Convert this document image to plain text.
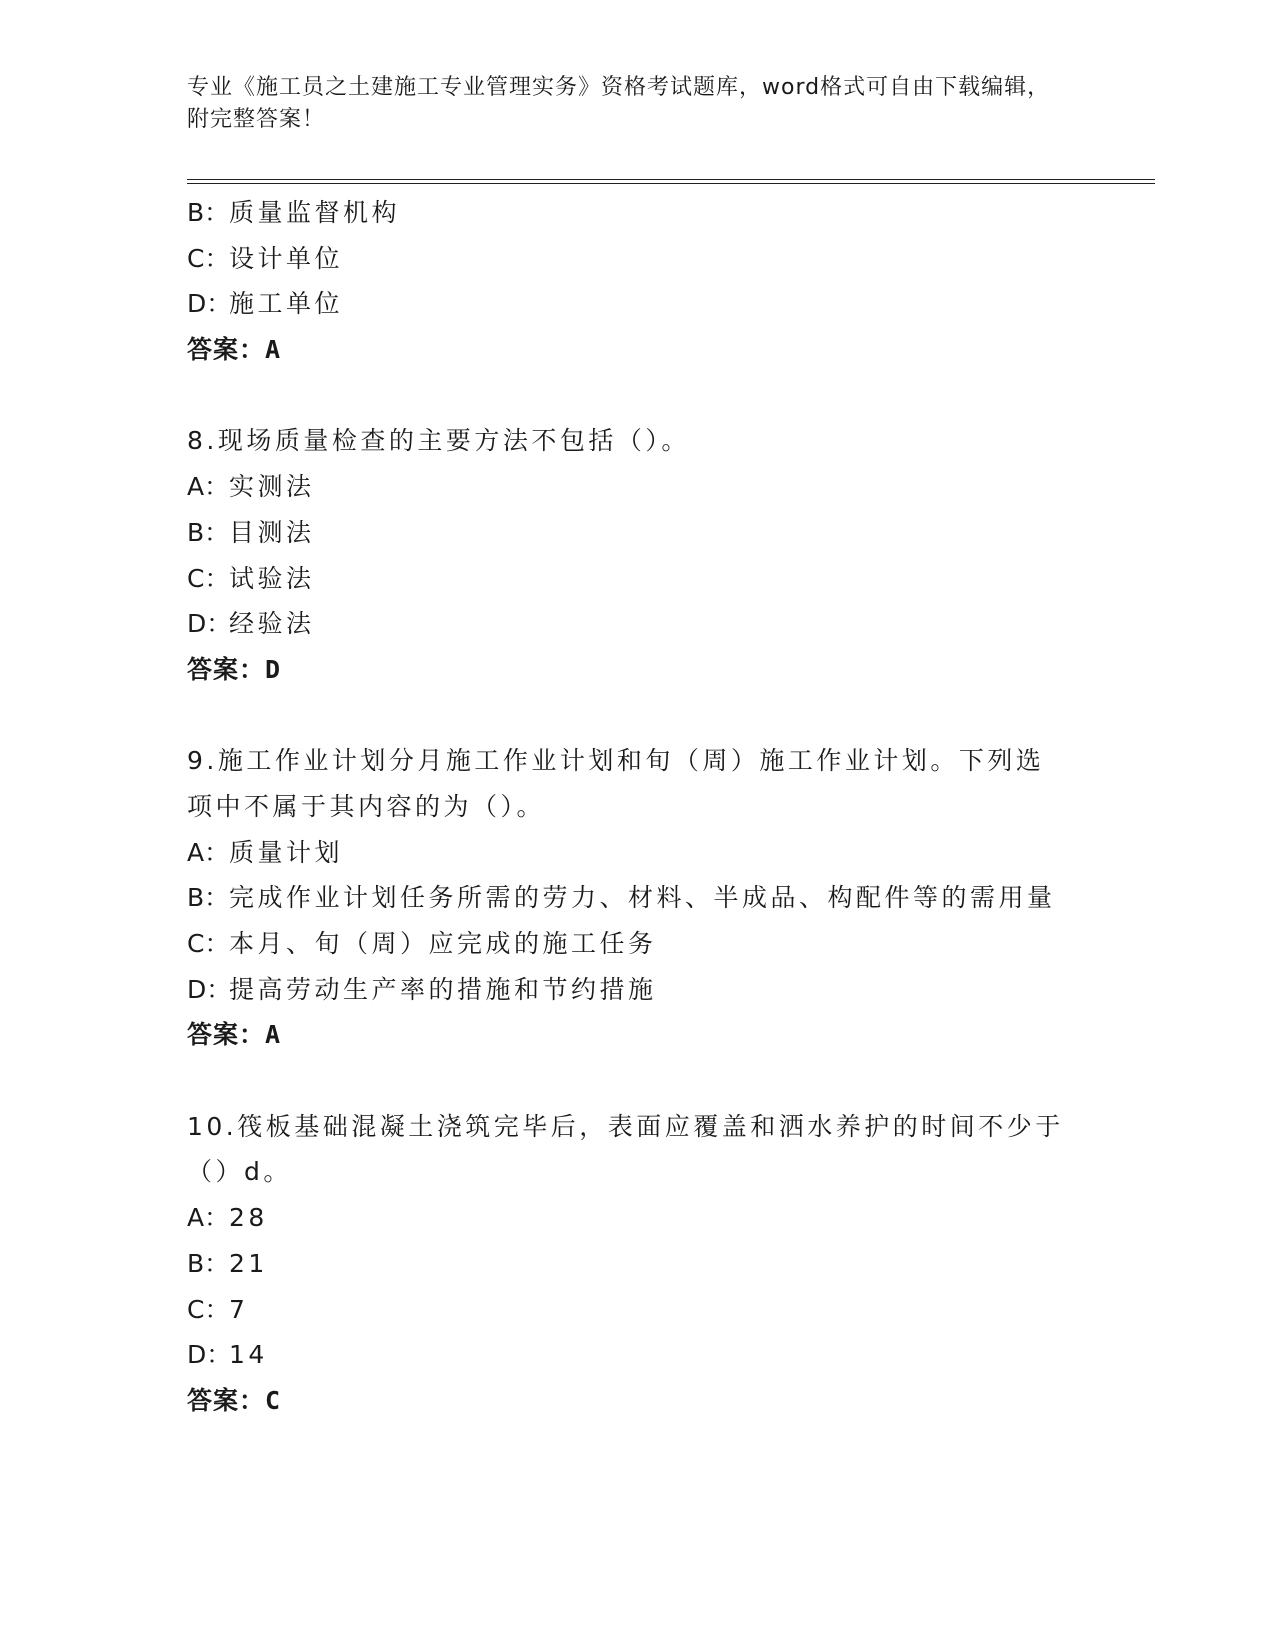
专业《施工员之土建施工专业管理实务》资格考试题库，word格式可自由下载编辑，附完整答案！
B：质量监督机构
C：设计单位
D：施工单位
答案：A
8.现场质量检查的主要方法不包括（）。
A：实测法
B：目测法
C：试验法
D：经验法
答案：D
9.施工作业计划分月施工作业计划和旬（周）施工作业计划。下列选
项中不属于其内容的为（）。
A：质量计划
B：完成作业计划任务所需的劳力、材料、半成品、构配件等的需用量
C：本月、旬（周）应完成的施工任务
D：提高劳动生产率的措施和节约措施
答案：A
10.筏板基础混凝土浇筑完毕后，表面应覆盖和洒水养护的时间不少于
（）d。
A：28
B：21
C：7
D：14
答案：C
